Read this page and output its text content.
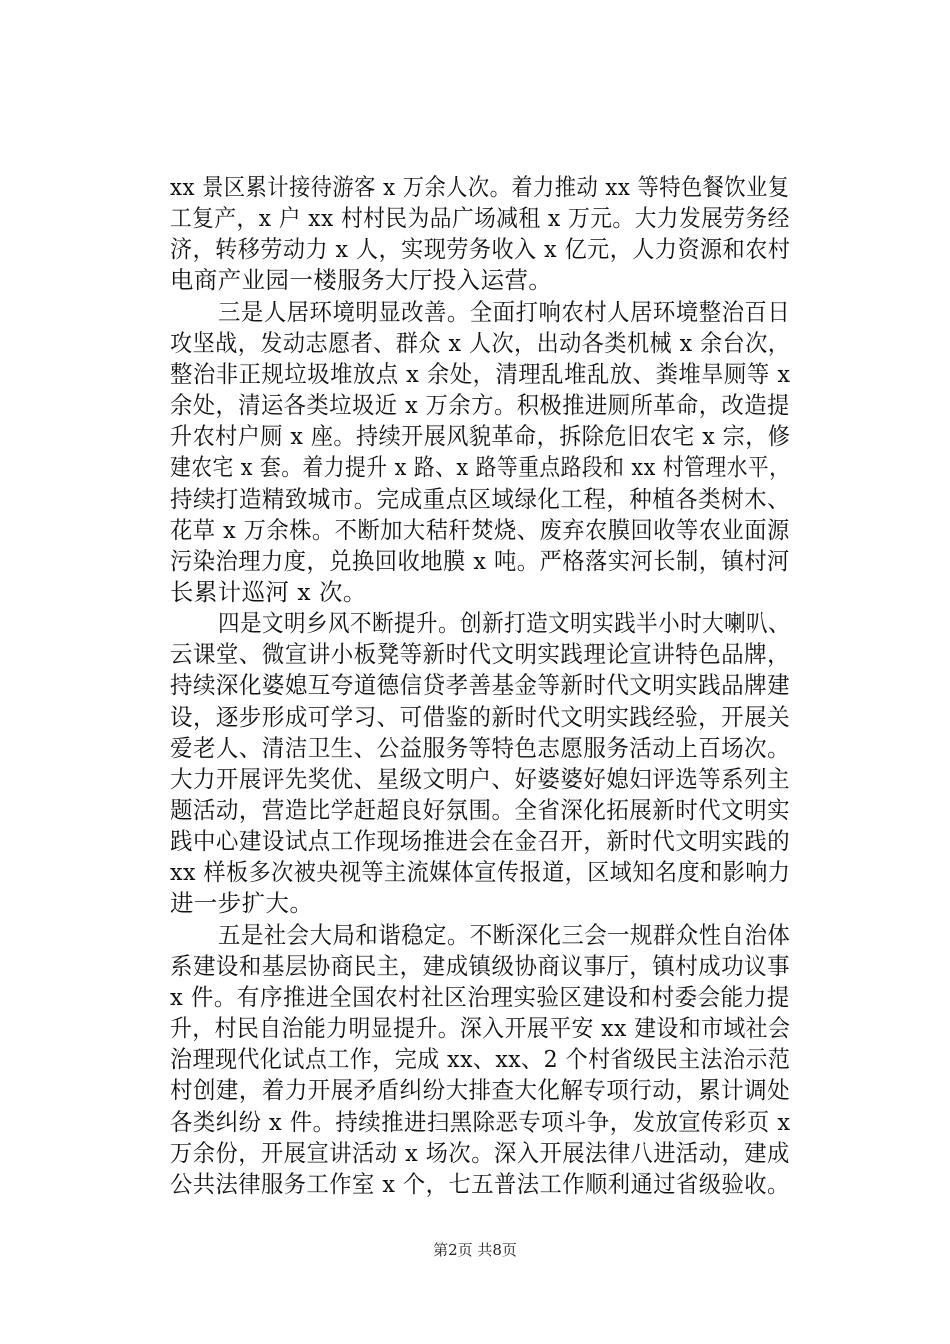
xx 景区累计接待游客 x 万余人次。着力推动 xx 等特色餐饮业复
工复产，x 户 xx 村村民为品广场减租 x 万元。大力发展劳务经
济，转移劳动力 x 人，实现劳务收入 x 亿元，人力资源和农村
电商产业园一楼服务大厅投入运营。
三是人居环境明显改善。全面打响农村人居环境整治百日
攻坚战，发动志愿者、群众 x 人次，出动各类机械 x 余台次，
整治非正规垃圾堆放点 x 余处，清理乱堆乱放、粪堆旱厕等 x
余处，清运各类垃圾近 x 万余方。积极推进厕所革命，改造提
升农村户厕 x 座。持续开展风貌革命，拆除危旧农宅 x 宗，修
建农宅 x 套。着力提升 x 路、x 路等重点路段和 xx 村管理水平，
持续打造精致城市。完成重点区域绿化工程，种植各类树木、
花草 x 万余株。不断加大秸秆焚烧、废弃农膜回收等农业面源
污染治理力度，兑换回收地膜 x 吨。严格落实河长制，镇村河
长累计巡河 x 次。
四是文明乡风不断提升。创新打造文明实践半小时大喇叭、
云课堂、微宣讲小板凳等新时代文明实践理论宣讲特色品牌，
持续深化婆媳互夸道德信贷孝善基金等新时代文明实践品牌建
设，逐步形成可学习、可借鉴的新时代文明实践经验，开展关
爱老人、清洁卫生、公益服务等特色志愿服务活动上百场次。
大力开展评先奖优、星级文明户、好婆婆好媳妇评选等系列主
题活动，营造比学赶超良好氛围。全省深化拓展新时代文明实
践中心建设试点工作现场推进会在金召开，新时代文明实践的
xx 样板多次被央视等主流媒体宣传报道，区域知名度和影响力
进一步扩大。
五是社会大局和谐稳定。不断深化三会一规群众性自治体
系建设和基层协商民主，建成镇级协商议事厅，镇村成功议事
x 件。有序推进全国农村社区治理实验区建设和村委会能力提
升，村民自治能力明显提升。深入开展平安 xx 建设和市域社会
治理现代化试点工作，完成 xx、xx、2 个村省级民主法治示范
村创建，着力开展矛盾纠纷大排查大化解专项行动，累计调处
各类纠纷 x 件。持续推进扫黑除恶专项斗争，发放宣传彩页 x
万余份，开展宣讲活动 x 场次。深入开展法律八进活动，建成
公共法律服务工作室 x 个，七五普法工作顺利通过省级验收。
第2页 共8页
